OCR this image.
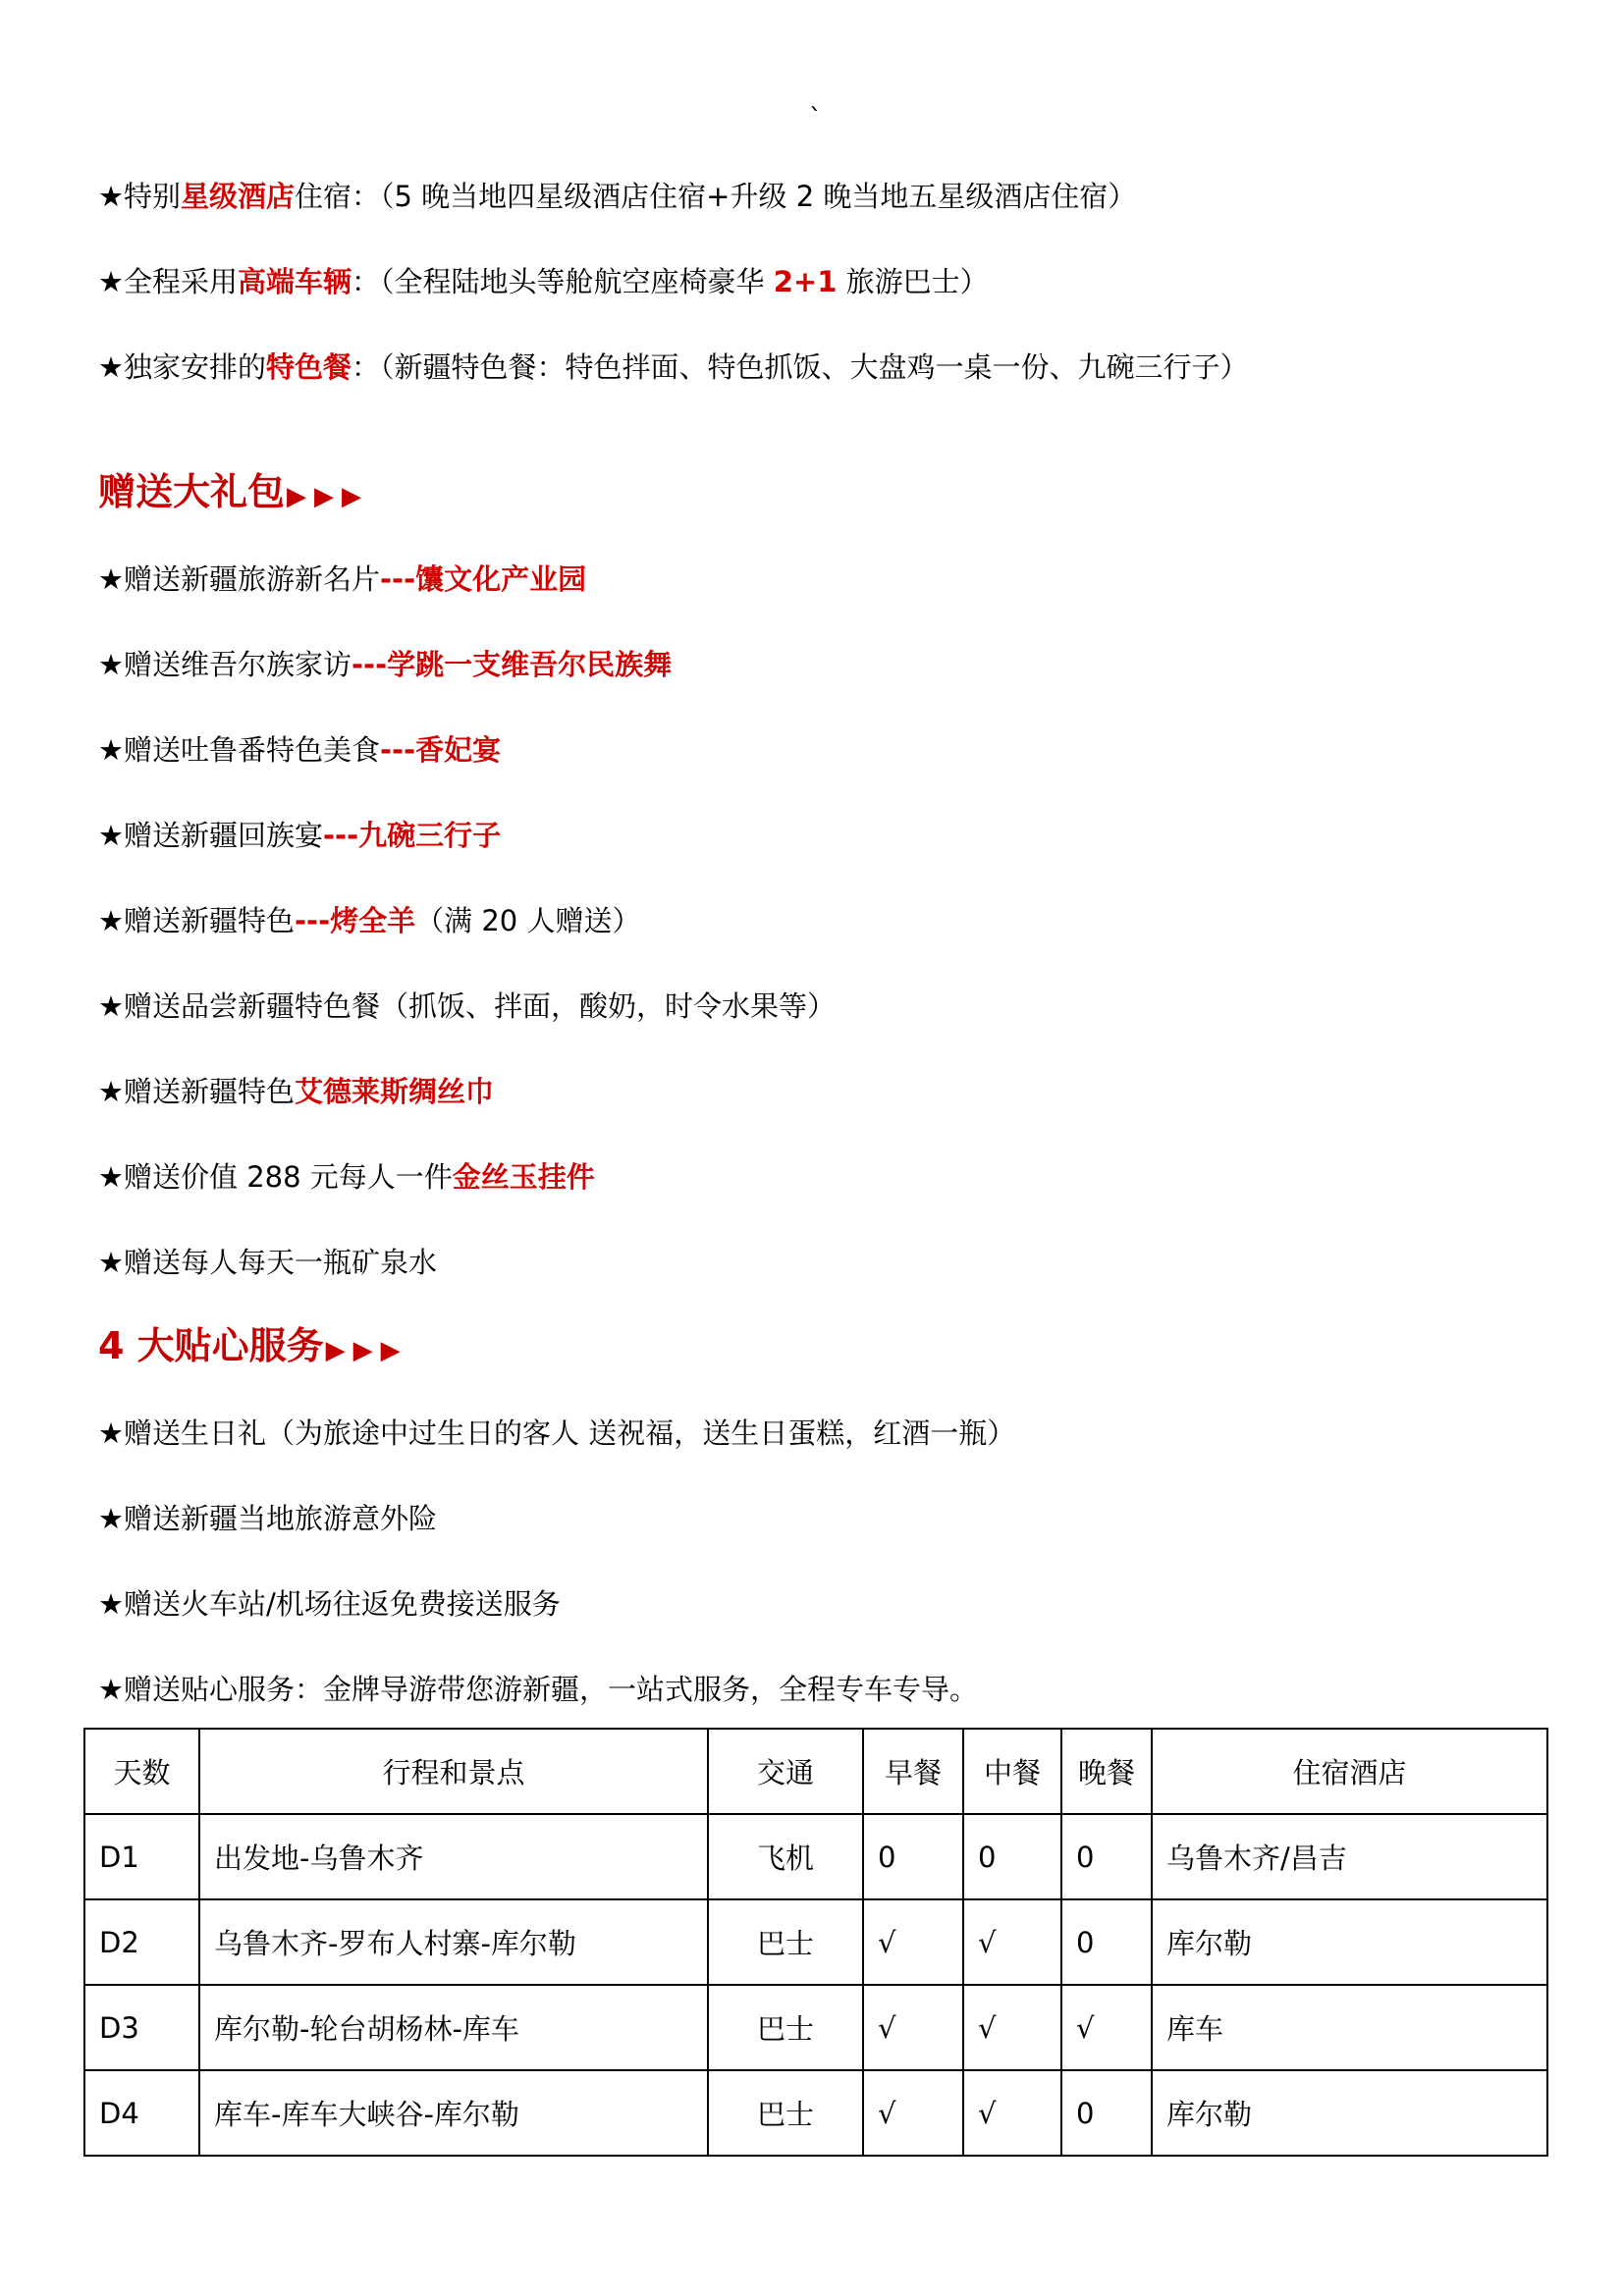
`
★特别星级酒店住宿：（5 晚当地四星级酒店住宿+升级 2 晚当地五星级酒店住宿）
★全程采用高端车辆：（全程陆地头等舱航空座椅豪华 2+1 旅游巴士）
★独家安排的特色餐：（新疆特色餐：特色拌面、特色抓饭、大盘鸡一桌一份、九碗三行子）
赠送大礼包▶▶▶
★赠送新疆旅游新名片---馕文化产业园
★赠送维吾尔族家访---学跳一支维吾尔民族舞
★赠送吐鲁番特色美食---香妃宴
★赠送新疆回族宴---九碗三行子
★赠送新疆特色---烤全羊（满 20 人赠送）
★赠送品尝新疆特色餐（抓饭、拌面，酸奶，时令水果等）
★赠送新疆特色艾德莱斯绸丝巾
★赠送价值 288 元每人一件金丝玉挂件
★赠送每人每天一瓶矿泉水
4 大贴心服务▶▶▶
★赠送生日礼（为旅途中过生日的客人 送祝福，送生日蛋糕，红酒一瓶）
★赠送新疆当地旅游意外险
★赠送火车站/机场往返免费接送服务
★赠送贴心服务：金牌导游带您游新疆，一站式服务，全程专车专导。
天数	行程和景点	交通	早餐	中餐	晚餐	住宿酒店
D1	出发地-乌鲁木齐	飞机	0	0	0	乌鲁木齐/昌吉
D2	乌鲁木齐-罗布人村寨-库尔勒	巴士	√	√	0	库尔勒
D3	库尔勒-轮台胡杨林-库车	巴士	√	√	√	库车
D4	库车-库车大峡谷-库尔勒	巴士	√	√	0	库尔勒
